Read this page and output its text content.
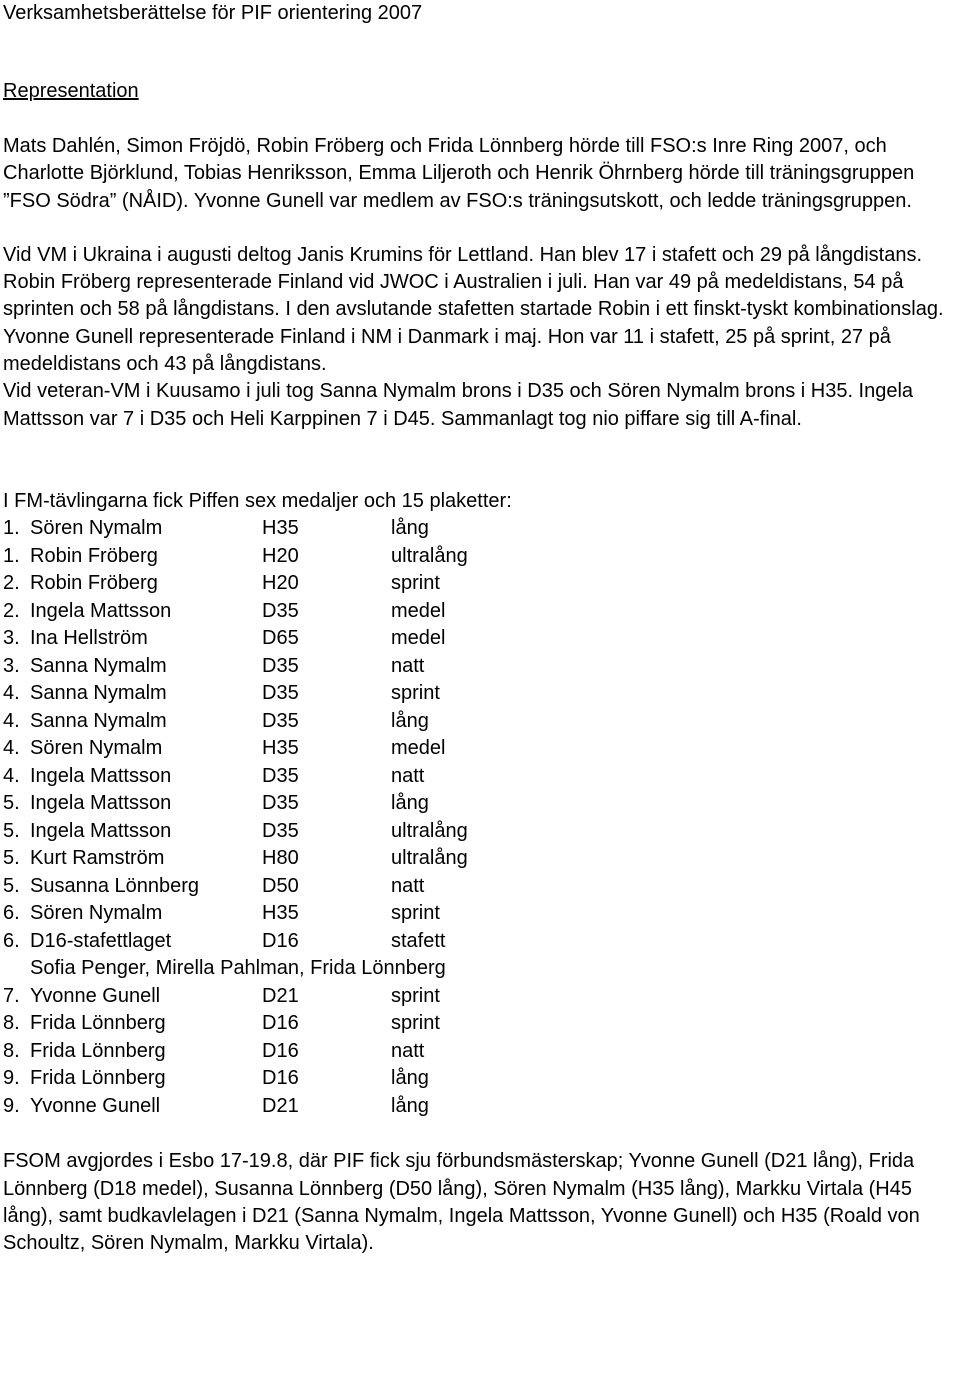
Verksamhetsberättelse för PIF orientering 2007
Representation

Mats Dahlén, Simon Fröjdö, Robin Fröberg och Frida Lönnberg hörde till FSO:s Inre Ring 2007, och Charlotte Björklund, Tobias Henriksson, Emma Liljeroth och Henrik Öhrnberg hörde till träningsgruppen ”FSO Södra” (NÅID). Yvonne Gunell var medlem av FSO:s träningsutskott, och ledde träningsgruppen.

Vid VM i Ukraina i augusti deltog Janis Krumins för Lettland. Han blev 17 i stafett och 29 på långdistans.

Robin Fröberg representerade Finland vid JWOC i Australien i juli. Han var 49 på medeldistans, 54 på sprinten och 58 på långdistans. I den avslutande stafetten startade Robin i ett finskt-tyskt kombinationslag.

Yvonne Gunell representerade Finland i NM i Danmark i maj. Hon var 11 i stafett, 25 på sprint, 27 på medeldistans och 43 på långdistans.

Vid veteran-VM i Kuusamo i juli tog Sanna Nymalm brons i D35 och Sören Nymalm brons i H35. Ingela Mattsson var 7 i D35 och Heli Karppinen 7 i D45. Sammanlagt tog nio piffare sig till A-final.

I FM-tävlingarna fick Piffen sex medaljer och 15 plaketter:

1. Sören Nymalm	H35	lång
1. Robin Fröberg	H20	ultralång
2. Robin Fröberg	H20	sprint
2. Ingela Mattsson	D35	medel
3. Ina Hellström	D65	medel
3. Sanna Nymalm	D35	natt
4. Sanna Nymalm	D35	sprint
4. Sanna Nymalm	D35	lång
4. Sören Nymalm	H35	medel
4. Ingela Mattsson	D35	natt
5. Ingela Mattsson	D35	lång
5. Ingela Mattsson	D35	ultralång
5. Kurt Ramström	H80	ultralång
5. Susanna Lönnberg	D50	natt
6. Sören Nymalm	H35	sprint
6. D16-stafettlaget	D16	stafett
Sofia Penger, Mirella Pahlman, Frida Lönnberg
7. Yvonne Gunell	D21	sprint
8. Frida Lönnberg	D16	sprint
8. Frida Lönnberg	D16	natt
9. Frida Lönnberg	D16	lång
9. Yvonne Gunell	D21	lång

FSOM avgjordes i Esbo 17-19.8, där PIF fick sju förbundsmästerskap; Yvonne Gunell (D21 lång), Frida Lönnberg (D18 medel), Susanna Lönnberg (D50 lång), Sören Nymalm (H35 lång), Markku Virtala (H45 lång), samt budkavlelagen i D21 (Sanna Nymalm, Ingela Mattsson, Yvonne Gunell) och H35 (Roald von Schoultz, Sören Nymalm, Markku Virtala).
